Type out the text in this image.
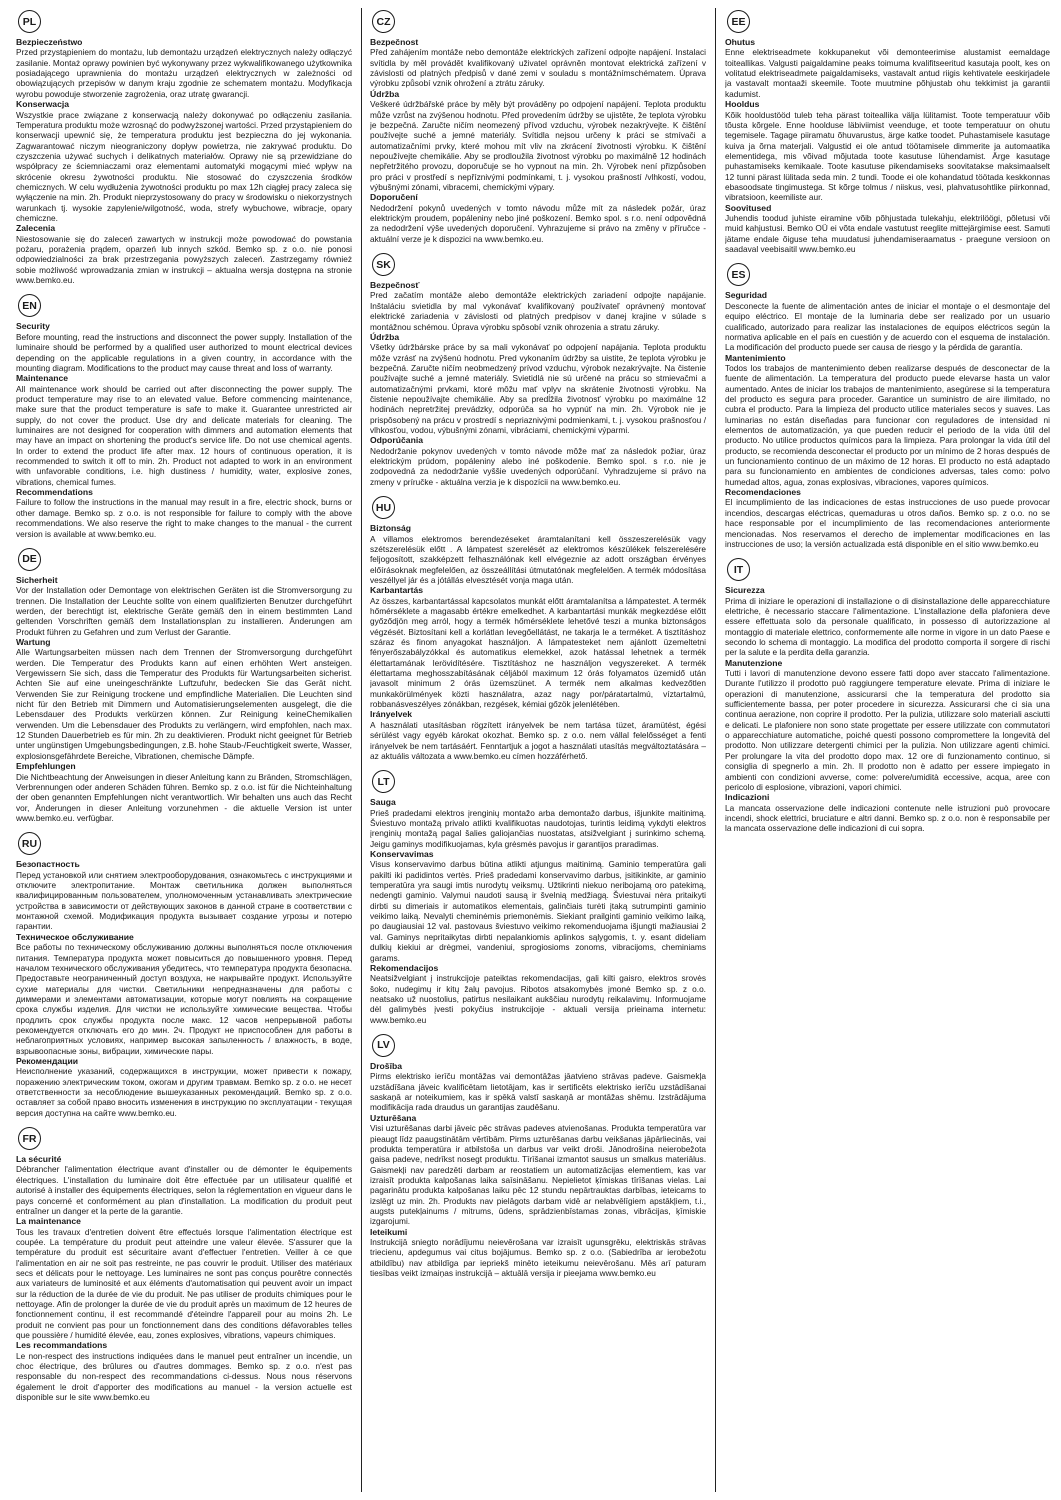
PL
Bezpieczeństwo

Przed przystąpieniem do montażu, lub demontażu urządzeń elektrycznych należy odłączyć zasilanie. Montaż oprawy powinien być wykonywany przez wykwalifikowanego użytkownika posiadającego uprawnienia do montażu urządzeń elektrycznych w zależności od obowiązujących przepisów w danym kraju zgodnie ze schematem montażu. Modyfikacja wyrobu powoduje stworzenie zagrożenia, oraz utratę gwarancji.

Konserwacja

Wszystkie prace związane z konserwacją należy dokonywać po odłączeniu zasilania. Temperatura produktu może wzrosnąć do podwyższonej wartości. Przed przystąpieniem do konserwacji upewnić się, że temperatura produktu jest bezpieczna do jej wykonania. Zagwarantować niczym nieograniczony dopływ powietrza, nie zakrywać produktu. Do czyszczenia używać suchych i delikatnych materiałów. Oprawy nie są przewidziane do współpracy ze ściemniaczami oraz elementami automatyki mogącymi mieć wpływ na skrócenie okresu żywotności produktu. Nie stosować do czyszczenia środków chemicznych. W celu wydłużenia żywotności produktu po max 12h ciągłej pracy zaleca się wyłączenie na min. 2h. Produkt nieprzystosowany do pracy w środowisku o niekorzystnych warunkach tj. wysokie zapylenie/wilgotność, woda, strefy wybuchowe, wibracje, opary chemiczne.

Zalecenia

Niestosowanie się do zaleceń zawartych w instrukcji może powodować do powstania pożaru, porażenia prądem, oparzeń lub innych szkód. Bemko sp. z o.o. nie ponosi odpowiedzialności za brak przestrzegania powyższych zaleceń. Zastrzegamy również sobie możliwość wprowadzania zmian w instrukcji – aktualna wersja dostępna na stronie www.bemko.eu.

EN
Security

Before mounting, read the instructions and disconnect the power supply. Installation of the luminaire should be performed by a qualified user authorized to mount electrical devices depending on the applicable regulations in a given country, in accordance with the mounting diagram. Modifications to the product may cause threat and loss of warranty.

Maintenance

All maintenance work should be carried out after disconnecting the power supply. The product temperature may rise to an elevated value. Before commencing maintenance, make sure that the product temperature is safe to make it. Guarantee unrestricted air supply, do not cover the product. Use dry and delicate materials for cleaning. The luminaires are not designed for cooperation with dimmers and automation elements that may have an impact on shortening the product's service life. Do not use chemical agents. In order to extend the product life after max. 12 hours of continuous operation, it is recommended to switch it off to min. 2h. Product not adapted to work in an environment with unfavorable conditions, i.e. high dustiness / humidity, water, explosive zones, vibrations, chemical fumes.

Recommendations

Failure to follow the instructions in the manual may result in a fire, electric shock, burns or other damage. Bemko sp. z o.o. is not responsible for failure to comply with the above recommendations. We also reserve the right to make changes to the manual - the current version is available at www.bemko.eu.

DE
Sicherheit

Vor der Installation oder Demontage von elektrischen Geräten ist die Stromversorgung zu trennen. Die Installation der Leuchte sollte von einem qualifizierten Benutzer durchgeführt werden, der berechtigt ist, elektrische Geräte gemäß den in einem bestimmten Land geltenden Vorschriften gemäß dem Installationsplan zu installieren. Änderungen am Produkt führen zu Gefahren und zum Verlust der Garantie.

Wartung

Alle Wartungsarbeiten müssen nach dem Trennen der Stromversorgung durchgeführt werden. Die Temperatur des Produkts kann auf einen erhöhten Wert ansteigen. Vergewissern Sie sich, dass die Temperatur des Produkts für Wartungsarbeiten sicherist. Achten Sie auf eine uneingeschränkte Luftzufuhr, bedecken Sie das Gerät nicht. Verwenden Sie zur Reinigung trockene und empfindliche Materialien. Die Leuchten sind nicht für den Betrieb mit Dimmern und Automatisierungselementen ausgelegt, die die Lebensdauer des Produkts verkürzen können. Zur Reinigung keineChemikalien verwenden. Um die Lebensdauer des Produkts zu verlängern, wird empfohlen, nach max. 12 Stunden Dauerbetrieb es für min. 2h zu deaktivieren. Produkt nicht geeignet für Betrieb unter ungünstigen Umgebungsbedingungen, z.B. hohe Staub-/Feuchtigkeit swerte, Wasser, explosionsgefährdete Bereiche, Vibrationen, chemische Dämpfe.

Empfehlungen

Die Nichtbeachtung der Anweisungen in dieser Anleitung kann zu Bränden, Stromschlägen, Verbrennungen oder anderen Schäden führen. Bemko sp. z o.o. ist für die Nichteinhaltung der oben genannten Empfehlungen nicht verantwortlich. Wir behalten uns auch das Recht vor, Änderungen in dieser Anleitung vorzunehmen - die aktuelle Version ist unter www.bemko.eu. verfügbar.

RU
Безопастность

Перед установкой или снятием электрооборудования, ознакомьтесь с инструкциями и отключите электропитание. Монтаж светильника должен выполняться квалифицированным пользователем, уполномоченным устанавливать электрические устройства в зависимости от действующих законов в данной стране в соответствии с монтажной схемой. Модификация продукта вызывает создание угрозы и потерю гарантии.

Техническое обслуживание

Все работы по техническому обслуживанию должны выполняться после отключения питания. Температура продукта может повыситься до повышенного уровня. Перед началом технического обслуживания убедитесь, что температура продукта безопасна. Предоставьте неограниченный доступ воздуха, не накрывайте продукт. Используйте сухие материалы для чистки. Светильники непредназначены для работы с диммерами и элементами автоматизации, которые могут повлиять на сокращение срока службы изделия. Для чистки не используйте химические вещества. Чтобы продлить срок службы продукта после макс. 12 часов непрерывной работы рекомендуется отключать его до мин. 2ч. Продукт не приспособлен для работы в неблагоприятных условиях, например высокая запыленность / влажность, в воде, взрывоопасные зоны, вибрации, химические пары.

Рекомендации

Неисполнение указаний, содержащихся в инструкции, может привести к пожару, поражению электрическим током, ожогам и другим травмам. Bemko sp. z o.o. не несет ответственности за несоблюдение вышеуказанных рекомендаций. Bemko sp. z o.o. оставляет за собой право вносить изменения в инструкцию по эксплуатации - текущая версия доступна на сайте www.bemko.eu.

FR
La sécurité

Débrancher l'alimentation électrique avant d'installer ou de démonter le équipements électriques. L'installation du luminaire doit être effectuée par un utilisateur qualifié et autorisé à installer des équipements électriques, selon la réglementation en vigueur dans le pays concerné et conformément au plan d'installation. La modification du produit peut entraîner un danger et la perte de la garantie.

La maintenance

Tous les travaux d'entretien doivent être effectués lorsque l'alimentation électrique est coupée. La température du produit peut atteindre une valeur élevée. S'assurer que la température du produit est sécuritaire avant d'effectuer l'entretien. Veiller à ce que l'alimentation en air ne soit pas restreinte, ne pas couvrir le produit. Utiliser des matériaux secs et délicats pour le nettoyage. Les luminaires ne sont pas conçus pourêtre connectés aux variateurs de luminosité et aux éléments d'automatisation qui peuvent avoir un impact sur la réduction de la durée de vie du produit. Ne pas utiliser de produits chimiques pour le nettoyage. Afin de prolonger la durée de vie du produit après un maximum de 12 heures de fonctionnement continu, il est recommandé d'éteindre l'appareil pour au moins 2h. Le produit ne convient pas pour un fonctionnement dans des conditions défavorables telles que poussière / humidité élevée, eau, zones explosives, vibrations, vapeurs chimiques.

Les recommandations

Le non-respect des instructions indiquées dans le manuel peut entraîner un incendie, un choc électrique, des brûlures ou d'autres dommages. Bemko sp. z o.o. n'est pas responsable du non-respect des recommandations ci-dessus. Nous nous réservons également le droit d'apporter des modifications au manuel - la version actuelle est disponible sur le site www.bemko.eu

CZ
Bezpečnost

Před zahájením montáže nebo demontáže elektrických zařízení odpojte napájení. Instalaci svítidla by měl provádět kvalifikovaný uživatel oprávněn montovat elektrická zařízení v závislosti od platných předpisů v dané zemi v souladu s montážnímschématem. Úprava výrobku způsobí vznik ohrožení a ztrátu záruky.

Údržba

Veškeré údržbářské práce by měly být prováděny po odpojení napájení. Teplota produktu může vzrůst na zvýšenou hodnotu. Před provedením údržby se ujistěte, že teplota výrobku je bezpečná. Zaručte ničím neomezený přívod vzduchu, výrobek nezakrývejte. K čištění používejte suché a jemné materiály. Svítidla nejsou určeny k práci se stmívači a automatizačními prvky, které mohou mít vliv na zkrácení životnosti výrobku. K čištění nepoužívejte chemikálie. Aby se prodloužila životnost výrobku po maximálně 12 hodinách nepřetržitého provozu, doporučuje se ho vypnout na min. 2h. Výrobek není přizpůsoben pro práci v prostředí s nepříznivými podmínkami, t. j. vysokou prašností /vlhkostí, vodou, výbušnými zónami, vibracemi, chemickými výpary.

Doporučení

Nedodržení pokynů uvedených v tomto návodu může mít za následek požár, úraz elektrickým proudem, popáleniny nebo jiné poškození. Bemko spol. s r.o. není odpovědná za nedodržení výše uvedených doporučení. Vyhrazujeme si právo na změny v příručce - aktuální verze je k dispozici na www.bemko.eu.

SK
Bezpečnosť

Pred začatím montáže alebo demontáže elektrických zariadení odpojte napájanie. Inštaláciu svietidla by mal vykonávať kvalifikovaný používateľ oprávnený montovať elektrické zariadenia v závislosti od platných predpisov v danej krajine v súlade s montážnou schémou. Úprava výrobku spôsobí vznik ohrozenia a stratu záruky.

Údržba

Všetky údržbárske práce by sa mali vykonávať po odpojení napájania. Teplota produktu môže vzrásť na zvýšenú hodnotu. Pred vykonaním údržby sa uistite, že teplota výrobku je bezpečná. Zaručte ničím neobmedzený prívod vzduchu, výrobok nezakrývajte. Na čistenie používajte suché a jemné materiály. Svietidlá nie sú určené na prácu so stmievačmi a automatizačnými prvkami, ktoré môžu mať vplyv na skrátenie životnosti výrobku. Na čistenie nepoužívajte chemikálie. Aby sa predĺžila životnosť výrobku po maximálne 12 hodinách nepretržitej prevádzky, odporúča sa ho vypnúť na min. 2h. Výrobok nie je prispôsobený na prácu v prostredí s nepriaznivými podmienkami, t. j. vysokou prašnosťou / vlhkosťou, vodou, výbušnými zónami, vibráciami, chemickými výparmi.

Odporúčania

Nedodržanie pokynov uvedených v tomto návode môže mať za následok požiar, úraz elektrickým prúdom, popáleniny alebo iné poškodenie. Bemko spol. s r.o. nie je zodpovedná za nedodržanie vyššie uvedených odporúčaní. Vyhradzujeme si právo na zmeny v príručke - aktuálna verzia je k dispozícii na www.bemko.eu.

HU
Biztonság

A villamos elektromos berendezéseket áramtalanítani kell összeszerelésük vagy szétszerelésük előtt . A lámpatest szerelését az elektromos készülékek felszerelésére feljogosított, szakképzett felhasználónak kell elvégeznie az adott országban érvényes előírásoknak megfelelően, az összeállítási útmutatónak megfelelően. A termék módosítása veszéllyel jár és a jótállás elvesztését vonja maga után.

Karbantartás

Az összes, karbantartással kapcsolatos munkát előtt áramtalanítsa a lámpatestet. A termék hőmérséklete a magasabb értékre emelkedhet. A karbantartási munkák megkezdése előtt győződjön meg arról, hogy a termék hőmérséklete lehetővé teszi a munka biztonságos végzését. Biztosítani kell a korlátlan levegőellátást, ne takarja le a terméket. A tisztításhoz száraz és finom anyagokat használjon. A lámpatesteket nem ajánlott üzemeltetni fényerőszabályzókkal és automatikus elemekkel, azok hatással lehetnek a termék élettartamának lerövidítésére. Tisztításhoz ne használjon vegyszereket. A termék élettartama meghosszabításának céljából maximum 12 órás folyamatos üzemidő után javasolt minimum 2 órás üzemszünet. A termék nem alkalmas kedvezőtlen munkakörülmények közti használatra, azaz nagy por/páratartalmú, víztartalmú, robbanásveszélyes zónákban, rezgések, kémiai gőzök jelenlétében.

Irányelvek

A használati utasításban rögzített irányelvek be nem tartása tüzet, áramütést, égési sérülést vagy egyéb károkat okozhat. Bemko sp. z o.o. nem vállal felelősséget a fenti irányelvek be nem tartásáért. Fenntartjuk a jogot a használati utasítás megváltoztatására – az aktuális változata a www.bemko.eu címen hozzáférhető.

LT
Sauga

Prieš pradedami elektros įrenginių montažo arba demontažo darbus, išjunkite maitinimą. Šviestuvo montažą privalo atlikti kvalifikuotas naudotojas, turintis leidimą vykdyti elektros įrenginių montažą pagal šalies galiojančias nuostatas, atsižvelgiant į surinkimo schemą. Jeigu gaminys modifikuojamas, kyla grėsmės pavojus ir garantijos praradimas.

Konservavimas

Visus konservavimo darbus būtina atlikti atjungus maitinimą. Gaminio temperatūra gali pakilti iki padidintos vertės. Prieš pradedami konservavimo darbus, įsitikinkite, ar gaminio temperatūra yra saugi imtis nurodytų veiksmų. Užtikrinti niekuo neribojamą oro patekimą, nedengti gaminio. Valymui naudoti sausą ir švelnią medžiagą. Šviestuvai nėra pritaikyti dirbti su dimeriais ir automatikos elementais, galinčiais turėti įtaką sutrumpinti gaminio veikimo laiką. Nevalyti cheminėmis priemonėmis. Siekiant prailginti gaminio veikimo laiką, po daugiausiai 12 val. pastovaus šviestuvo veikimo rekomenduojama išjungti mažiausiai 2 val. Gaminys nepritaikytas dirbti nepalankiomis aplinkos sąlygomis, t. y. esant dideliam dulkių kiekiui ar drėgmei, vandeniui, sprogiosioms zonoms, vibracijoms, cheminiams garams.

Rekomendacijos

Neatsižvelgiant į instrukcijoje pateiktas rekomendacijas, gali kilti gaisro, elektros srovės šoko, nudegimų ir kitų žalų pavojus. Ribotos atsakomybės įmonė Bemko sp. z o.o. neatsako už nuostolius, patirtus nesilaikant aukščiau nurodytų reikalavimų. Informuojame dėl galimybės įvesti pokyčius instrukcijoje - aktuali versija prieinama internetu: www.bemko.eu

LV
Drošība

Pirms elektrisko ierīču montāžas vai demontāžas jāatvieno strāvas padeve. Gaismekļa uzstādīšana jāveic kvalificētam lietotājam, kas ir sertificēts elektrisko ierīču uzstādīšanai saskaņā ar noteikumiem, kas ir spēkā valstī saskaņā ar montāžas shēmu. Izstrādājuma modifikācija rada draudus un garantijas zaudēšanu.

Uzturēšana

Visi uzturēšanas darbi jāveic pēc strāvas padeves atvienošanas. Produkta temperatūra var pieaugt līdz paaugstinātām vērtībām. Pirms uzturēšanas darbu veikšanas jāpārliecinās, vai produkta temperatūra ir atbilstoša un darbus var veikt droši. Jānodrošina neierobežota gaisa padeve, nedrīkst nosegt produktu. Tīrīšanai izmantot sausus un smalkus materiālus. Gaismekļi nav paredzēti darbam ar reostatiem un automatizācijas elementiem, kas var izraisīt produkta kalpošanas laika saīsināšanu. Nepielietot ķīmiskas tīrīšanas vielas. Lai pagarinātu produkta kalpošanas laiku pēc 12 stundu nepārtrauktas darbības, ieteicams to izslēgt uz min. 2h. Produkts nav pielāgots darbam vidē ar nelabvēlīgiem apstākļiem, t.i., augsts putekļainums / mitrums, ūdens, sprādzienbīstamas zonas, vibrācijas, ķīmiskie izgarojumi.

Ieteikumi

Instrukcijā sniegto norādījumu neievērošana var izraisīt ugunsgrēku, elektriskās strāvas triecienu, apdegumus vai citus bojājumus. Bemko sp. z o.o. (Sabiedrība ar ierobežotu atbildību) nav atbildīga par iepriekš minēto ieteikumu neievērošanu. Mēs arī paturam tiesības veikt izmaiņas instrukcijā – aktuālā versija ir pieejama www.bemko.eu

EE
Ohutus

Enne elektriseadmete kokkupanekut või demonteerimise alustamist eemaldage toiteallikas. Valgusti paigaldamine peaks toimuma kvalifitseeritud kasutaja poolt, kes on volitatud elektriseadmete paigaldamiseks, vastavalt antud riigis kehtivatele eeskirjadele ja vastavalt montaaži skeemile. Toote muutmine põhjustab ohu tekkimist ja garantii kadumist.

Hooldus

Kõik hooldustööd tuleb teha pärast toiteallika välja lülitamist. Toote temperatuur võib tõusta kõrgele. Enne hoolduse läbiviimist veenduge, et toote temperatuur on ohutu tegemisele. Tagage piiramatu õhuvarustus, ärge katke toodet. Puhastamisele kasutage kuiva ja õrna materjali. Valgustid ei ole antud töötamisele dimmerite ja automaatika elementidega, mis võivad mõjutada toote kasutuse lühendamist. Ärge kasutage puhastamiseks kemikaale. Toote kasutuse pikendamiseks soovitatakse maksimaalselt 12 tunni pärast lülitada seda min. 2 tundi. Toode ei ole kohandatud töötada keskkonnas ebasoodsate tingimustega. St kõrge tolmus / niiskus, vesi, plahvatusohtlike piirkonnad, vibratsioon, keemiliste aur.

Soovitused

Juhendis toodud juhiste eiramine võib põhjustada tulekahju, elektrilöögi, põletusi või muid kahjustusi. Bemko OÜ ei võta endale vastutust reeglite mittejärgimise eest. Samuti jätame endale õiguse teha muudatusi juhendamiseraamatus - praegune versioon on saadaval veebisaitil www.bemko.eu

ES
Seguridad

Desconecte la fuente de alimentación antes de iniciar el montaje o el desmontaje del equipo eléctrico. El montaje de la luminaria debe ser realizado por un usuario cualificado, autorizado para realizar las instalaciones de equipos eléctricos según la normativa aplicable en el país en cuestión y de acuerdo con el esquema de instalación. La modificación del producto puede ser causa de riesgo y la pérdida de garantía.

Mantenimiento

Todos los trabajos de mantenimiento deben realizarse después de desconectar de la fuente de alimentación. La temperatura del producto puede elevarse hasta un valor aumentado. Antes de iniciar los trabajos de mantenimiento, asegúrese si la temperatura del producto es segura para proceder. Garantice un suministro de aire ilimitado, no cubra el producto. Para la limpieza del producto utilice materiales secos y suaves. Las luminarias no están diseñadas para funcionar con reguladores de intensidad ni elementos de automatización, ya que pueden reducir el periodo de la vida útil del producto. No utilice productos químicos para la limpieza. Para prolongar la vida útil del producto, se recomienda desconectar el producto por un mínimo de 2 horas después de un funcionamiento continuo de un máximo de 12 horas. El producto no está adaptado para su funcionamiento en ambientes de condiciones adversas, tales como: polvo humedad altos, agua, zonas explosivas, vibraciones, vapores químicos.

Recomendaciones

El incumplimiento de las indicaciones de estas instrucciones de uso puede provocar incendios, descargas eléctricas, quemaduras u otros daños. Bemko sp. z o.o. no se hace responsable por el incumplimiento de las recomendaciones anteriormente mencionadas. Nos reservamos el derecho de implementar modificaciones en las instrucciones de uso; la versión actualizada está disponible en el sitio www.bemko.eu

IT
Sicurezza

Prima di iniziare le operazioni di installazione o di disinstallazione delle apparecchiature elettriche, è necessario staccare l'alimentazione. L'installazione della plafoniera deve essere effettuata solo da personale qualificato, in possesso di autorizzazione al montaggio di materiale elettrico, conformemente alle norme in vigore in un dato Paese e secondo lo schema di montaggio. La modifica del prodotto comporta il sorgere di rischi per la salute e la perdita della garanzia.

Manutenzione

Tutti i lavori di manutenzione devono essere fatti dopo aver staccato l'alimentazione. Durante l'utilizzo il prodotto può raggiungere temperature elevate. Prima di iniziare le operazioni di manutenzione, assicurarsi che la temperatura del prodotto sia sufficientemente bassa, per poter procedere in sicurezza. Assicurarsi che ci sia una continua aerazione, non coprire il prodotto. Per la pulizia, utilizzare solo materiali asciutti e delicati. Le plafoniere non sono state progettate per essere utilizzate con commutatori o apparecchiature automatiche, poiché questi possono compromettere la longevità del prodotto. Non utilizzare detergenti chimici per la pulizia. Non utilizzare agenti chimici. Per prolungare la vita del prodotto dopo max. 12 ore di funzionamento continuo, si consiglia di spegnerlo a min. 2h. Il prodotto non è adatto per essere impiegato in ambienti con condizioni avverse, come: polvere/umidità eccessive, acqua, aree con pericolo di esplosione, vibrazioni, vapori chimici.

Indicazioni

La mancata osservazione delle indicazioni contenute nelle istruzioni può provocare incendi, shock elettrici, bruciature e altri danni. Bemko sp. z o.o. non è responsabile per la mancata osservazione delle indicazioni di cui sopra.
